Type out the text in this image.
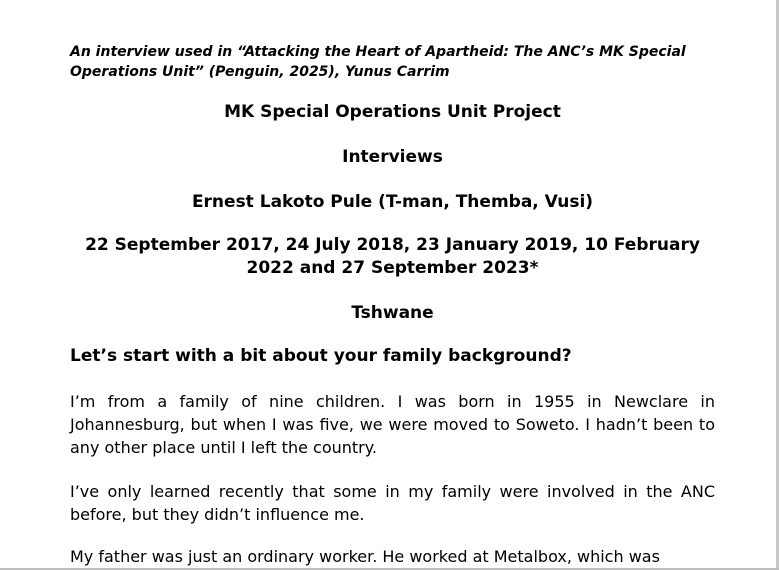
An interview used in “Attacking the Heart of Apartheid: The ANC’s MK Special Operations Unit” (Penguin, 2025), Yunus Carrim

MK Special Operations Unit Project
Interviews
Ernest Lakoto Pule (T-man, Themba, Vusi)
22 September 2017, 24 July 2018, 23 January 2019, 10 February 2022 and 27 September 2023*
Tshwane
Let’s start with a bit about your family background?

I’m from a family of nine children. I was born in 1955 in Newclare in Johannesburg, but when I was five, we were moved to Soweto. I hadn’t been to any other place until I left the country.

I’ve only learned recently that some in my family were involved in the ANC before, but they didn’t influence me.

My father was just an ordinary worker. He worked at Metalbox, which was
